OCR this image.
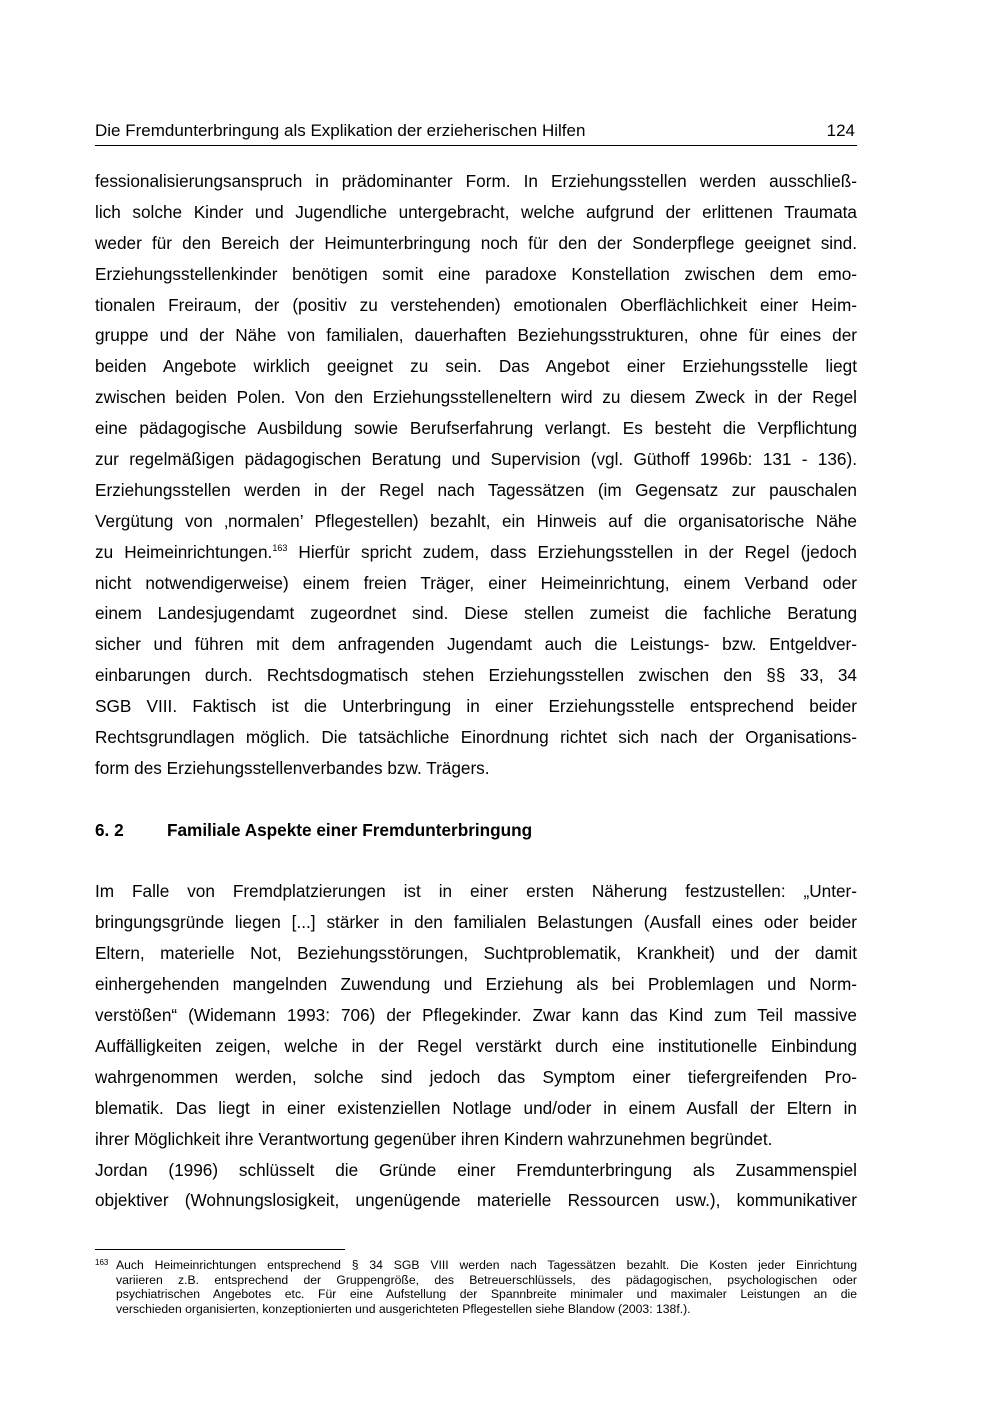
Die Fremdunterbringung als Explikation der erzieherischen Hilfen	124
fessionalisierungsanspruch in prädominanter Form. In Erziehungsstellen werden ausschließ-
lich solche Kinder und Jugendliche untergebracht, welche aufgrund der erlittenen Traumata
weder für den Bereich der Heimunterbringung noch für den der Sonderpflege geeignet sind.
Erziehungsstellenkinder benötigen somit eine paradoxe Konstellation zwischen dem emo-
tionalen Freiraum, der (positiv zu verstehenden) emotionalen Oberflächlichkeit einer Heim-
gruppe und der Nähe von familialen, dauerhaften Beziehungsstrukturen, ohne für eines der
beiden Angebote wirklich geeignet zu sein. Das Angebot einer Erziehungsstelle liegt
zwischen beiden Polen. Von den Erziehungsstelleneltern wird zu diesem Zweck in der Regel
eine pädagogische Ausbildung sowie Berufserfahrung verlangt. Es besteht die Verpflichtung
zur regelmäßigen pädagogischen Beratung und Supervision (vgl. Güthoff 1996b: 131 - 136).
Erziehungsstellen werden in der Regel nach Tagessätzen (im Gegensatz zur pauschalen
Vergütung von ‚normalen’ Pflegestellen) bezahlt, ein Hinweis auf die organisatorische Nähe
zu Heimeinrichtungen.$^{163}$ Hierfür spricht zudem, dass Erziehungsstellen in der Regel (jedoch
nicht notwendigerweise) einem freien Träger, einer Heimeinrichtung, einem Verband oder
einem Landesjugendamt zugeordnet sind. Diese stellen zumeist die fachliche Beratung
sicher und führen mit dem anfragenden Jugendamt auch die Leistungs- bzw. Entgeldver-
einbarungen durch. Rechtsdogmatisch stehen Erziehungsstellen zwischen den §§ 33, 34
SGB VIII. Faktisch ist die Unterbringung in einer Erziehungsstelle entsprechend beider
Rechtsgrundlagen möglich. Die tatsächliche Einordnung richtet sich nach der Organisations-
form des Erziehungsstellenverbandes bzw. Trägers.
6. 2	Familiale Aspekte einer Fremdunterbringung
Im Falle von Fremdplatzierungen ist in einer ersten Näherung festzustellen: „Unter-
bringungsgründe liegen [...] stärker in den familialen Belastungen (Ausfall eines oder beider
Eltern, materielle Not, Beziehungsstörungen, Suchtproblematik, Krankheit) und der damit
einhergehenden mangelnden Zuwendung und Erziehung als bei Problemlagen und Norm-
verstößen“ (Widemann 1993: 706) der Pflegekinder. Zwar kann das Kind zum Teil massive
Auffälligkeiten zeigen, welche in der Regel verstärkt durch eine institutionelle Einbindung
wahrgenommen werden, solche sind jedoch das Symptom einer tiefergreifenden Pro-
blematik. Das liegt in einer existenziellen Notlage und/oder in einem Ausfall der Eltern in
ihrer Möglichkeit ihre Verantwortung gegenüber ihren Kindern wahrzunehmen begründet.
Jordan (1996) schlüsselt die Gründe einer Fremdunterbringung als Zusammenspiel
objektiver (Wohnungslosigkeit, ungenügende materielle Ressourcen usw.), kommunikativer
163 Auch Heimeinrichtungen entsprechend § 34 SGB VIII werden nach Tagessätzen bezahlt. Die Kosten jeder Einrichtung
variieren z.B. entsprechend der Gruppengröße, des Betreuerschlüssels, des pädagogischen, psychologischen oder
psychiatrischen Angebotes etc. Für eine Aufstellung der Spannbreite minimaler und maximaler Leistungen an die
verschieden organisierten, konzeptionierten und ausgerichteten Pflegestellen siehe Blandow (2003: 138f.).
